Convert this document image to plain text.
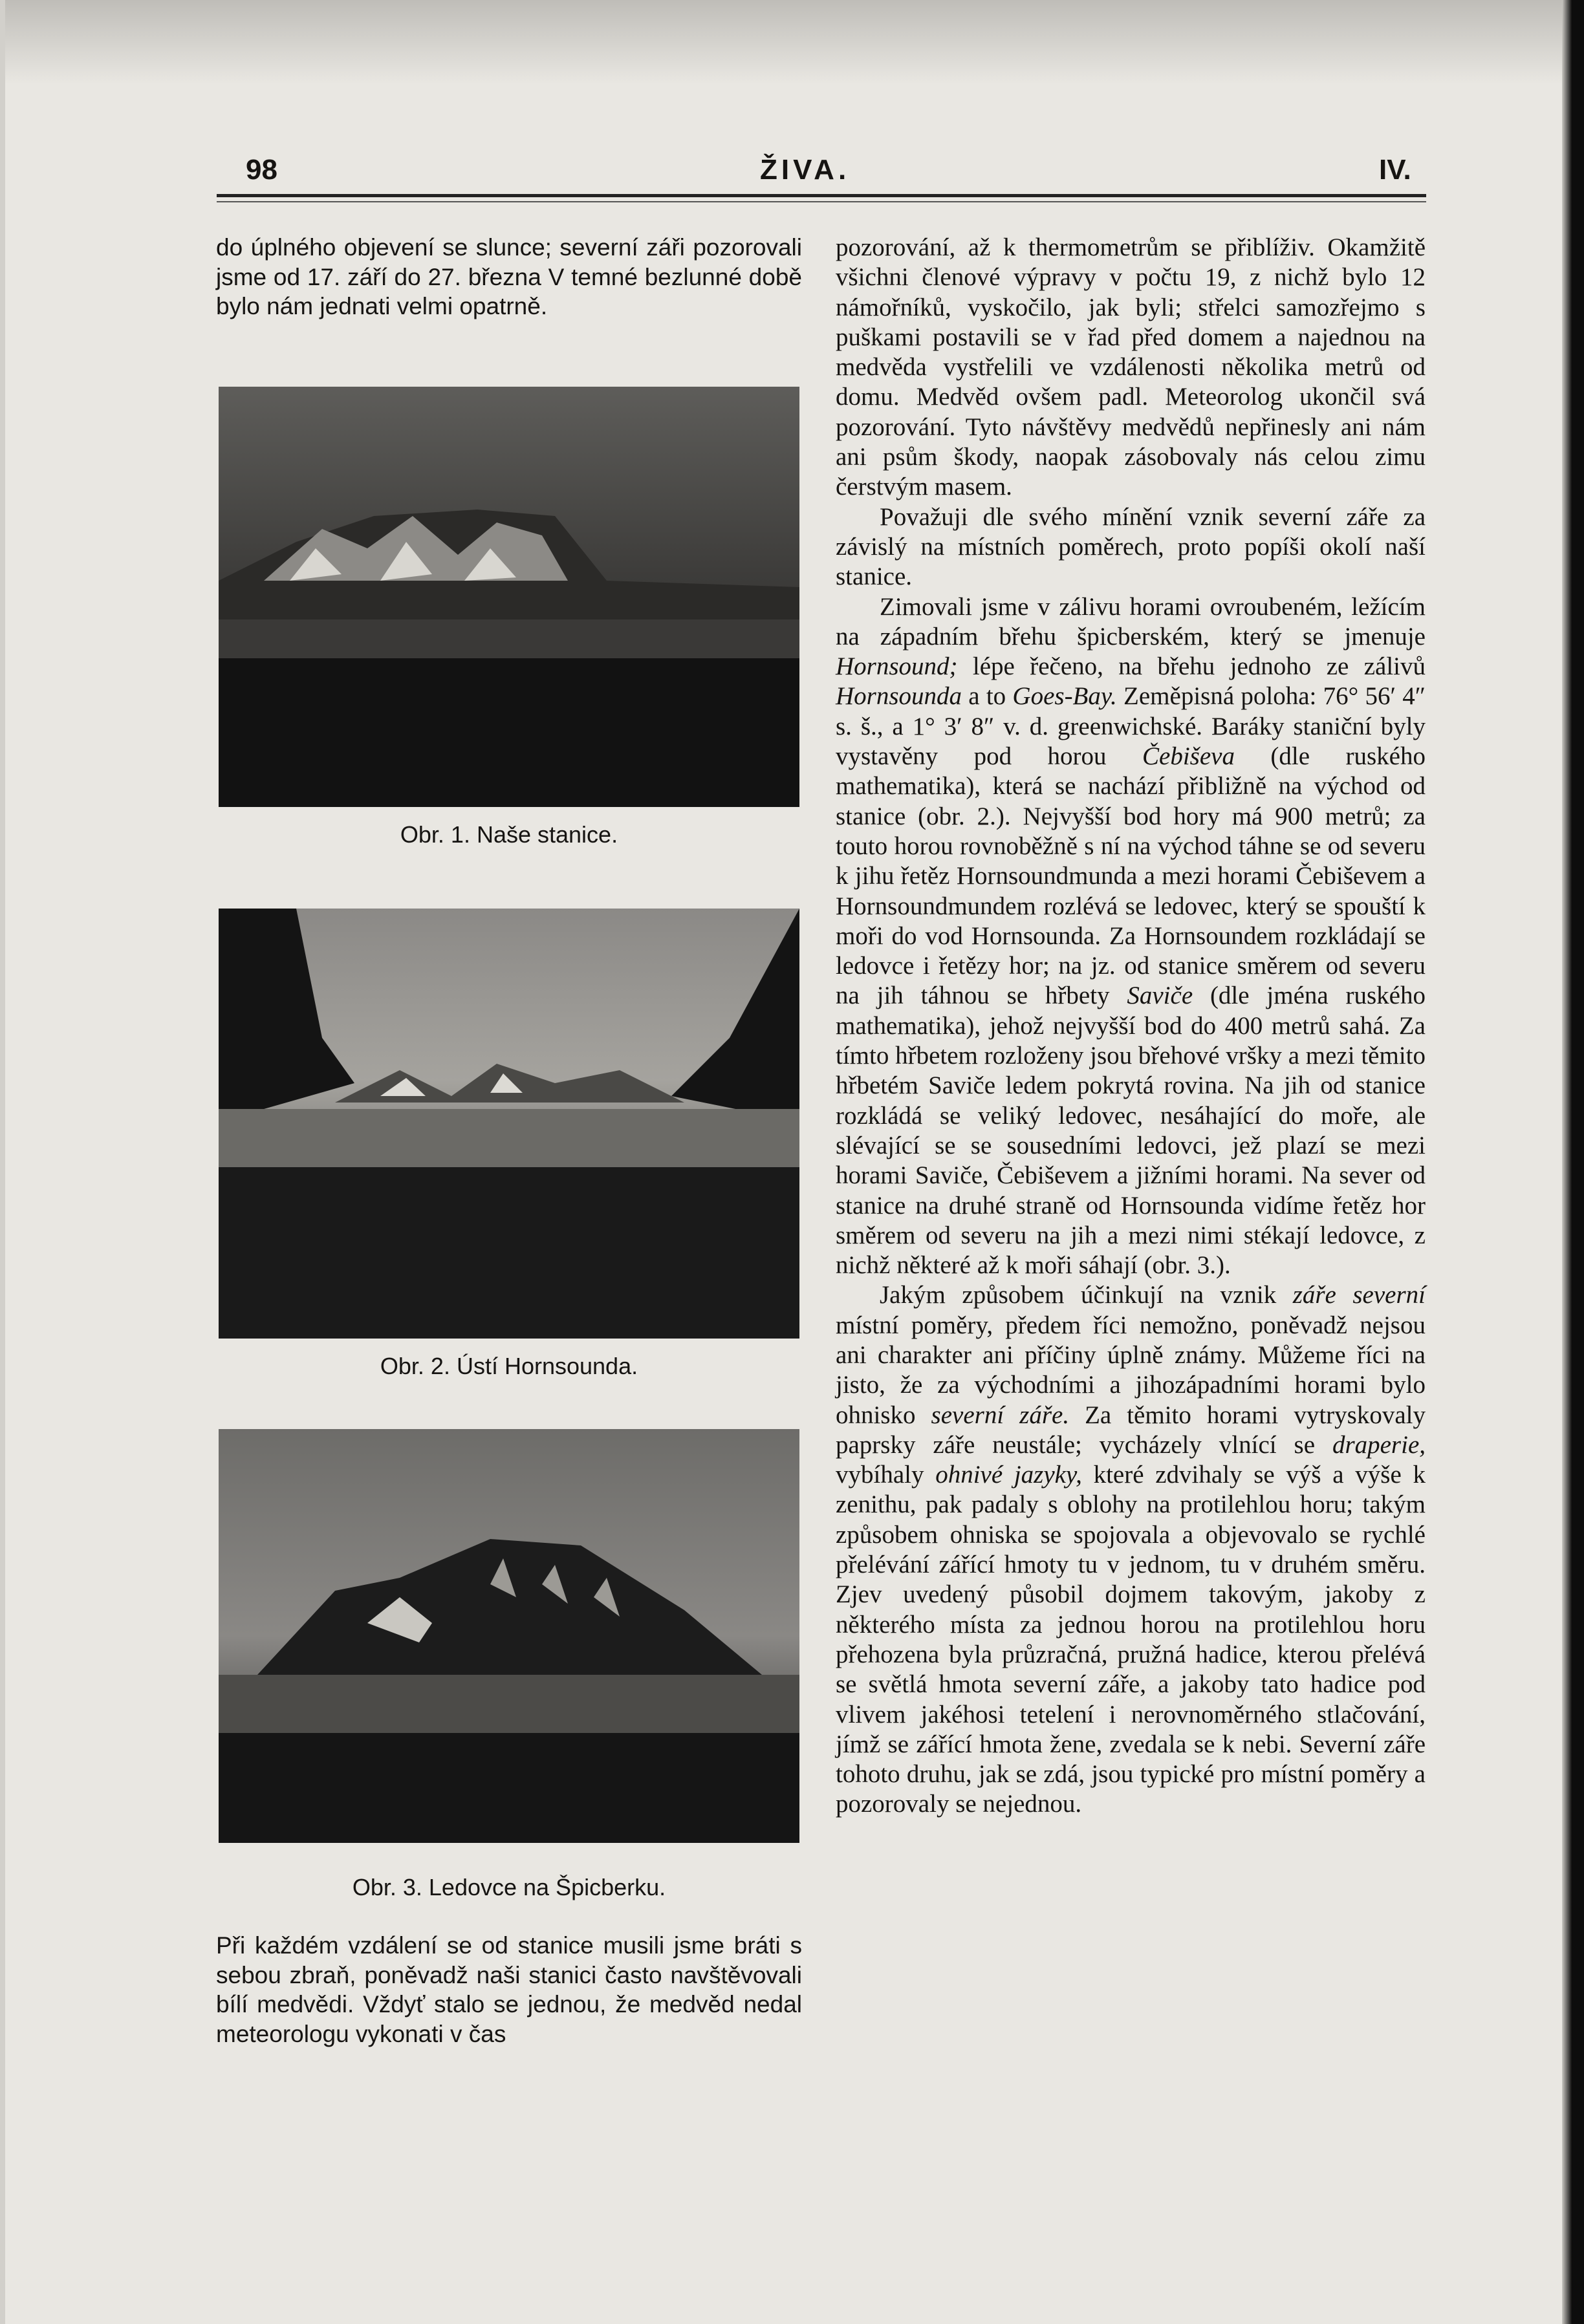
98	ŽIVA.	IV.

do úplného objevení se slunce; severní záři pozorovali jsme od 17. září do 27. března V temné bezlunné době bylo nám jednati velmi opatrně.

Obr. 1. Naše stanice.
Obr. 2. Ústí Hornsounda.
Obr. 3. Ledovce na Špicberku.

Při každém vzdálení se od stanice musili jsme bráti s sebou zbraň, poněvadž naši stanici často navštěvovali bílí medvědi. Vždyť stalo se jednou, že medvěd nedal meteorologu vykonati v čas

pozorování, až k thermometrům se přiblíživ. Okamžitě všichni členové výpravy v počtu 19, z nichž bylo 12 námořníků, vyskočilo, jak byli; střelci samozřejmo s puškami postavili se v řad před domem a najednou na medvěda vystřelili ve vzdálenosti několika metrů od domu. Medvěd ovšem padl. Meteorolog ukončil svá pozorování. Tyto návštěvy medvědů nepřinesly ani nám ani psům škody, naopak zásobovaly nás celou zimu čerstvým masem.

Považuji dle svého mínění vznik severní záře za závislý na místních poměrech, proto popíši okolí naší stanice.

Zimovali jsme v zálivu horami ovroubeném, ležícím na západním břehu špicberském, který se jmenuje Hornsound; lépe řečeno, na břehu jednoho ze zálivů Hornsounda a to Goes-Bay. Zeměpisná poloha: 76° 56′ 4″ s. š., a 1° 3′ 8″ v. d. greenwichské. Baráky staniční byly vystavěny pod horou Čebiševa (dle ruského mathematika), která se nachází přibližně na východ od stanice (obr. 2.). Nejvyšší bod hory má 900 metrů; za touto horou rovnoběžně s ní na východ táhne se od severu k jihu řetěz Hornsoundmunda a mezi horami Čebiševem a Hornsoundmundem rozlévá se ledovec, který se spouští k moři do vod Hornsounda. Za Hornsoundem rozkládají se ledovce i řetězy hor; na jz. od stanice směrem od severu na jih táhnou se hřbety Saviče (dle jména ruského mathematika), jehož nejvyšší bod do 400 metrů sahá. Za tímto hřbetem rozloženy jsou břehové vršky a mezi těmito hřbetém Saviče ledem pokrytá rovina. Na jih od stanice rozkládá se veliký ledovec, nesáhající do moře, ale slévající se se sousedními ledovci, jež plazí se mezi horami Saviče, Čebiševem a jižními horami. Na sever od stanice na druhé straně od Hornsounda vidíme řetěz hor směrem od severu na jih a mezi nimi stékají ledovce, z nichž některé až k moři sáhají (obr. 3.).

Jakým způsobem účinkují na vznik záře severní místní poměry, předem říci nemožno, poněvadž nejsou ani charakter ani příčiny úplně známy. Můžeme říci na jisto, že za východními a jihozápadními horami bylo ohnisko severní záře. Za těmito horami vytryskovaly paprsky záře neustále; vycházely vlnící se draperie, vybíhaly ohnivé jazyky, které zdvihaly se výš a výše k zenithu, pak padaly s oblohy na protilehlou horu; takým způsobem ohniska se spojovala a objevovalo se rychlé přelévání zářící hmoty tu v jednom, tu v druhém směru. Zjev uvedený působil dojmem takovým, jakoby z některého místa za jednou horou na protilehlou horu přehozena byla průzračná, pružná hadice, kterou přelévá se světlá hmota severní záře, a jakoby tato hadice pod vlivem jakéhosi tetelení i nerovnoměrného stlačování, jímž se zářící hmota žene, zvedala se k nebi. Severní záře tohoto druhu, jak se zdá, jsou typické pro místní poměry a pozorovaly se nejednou.
